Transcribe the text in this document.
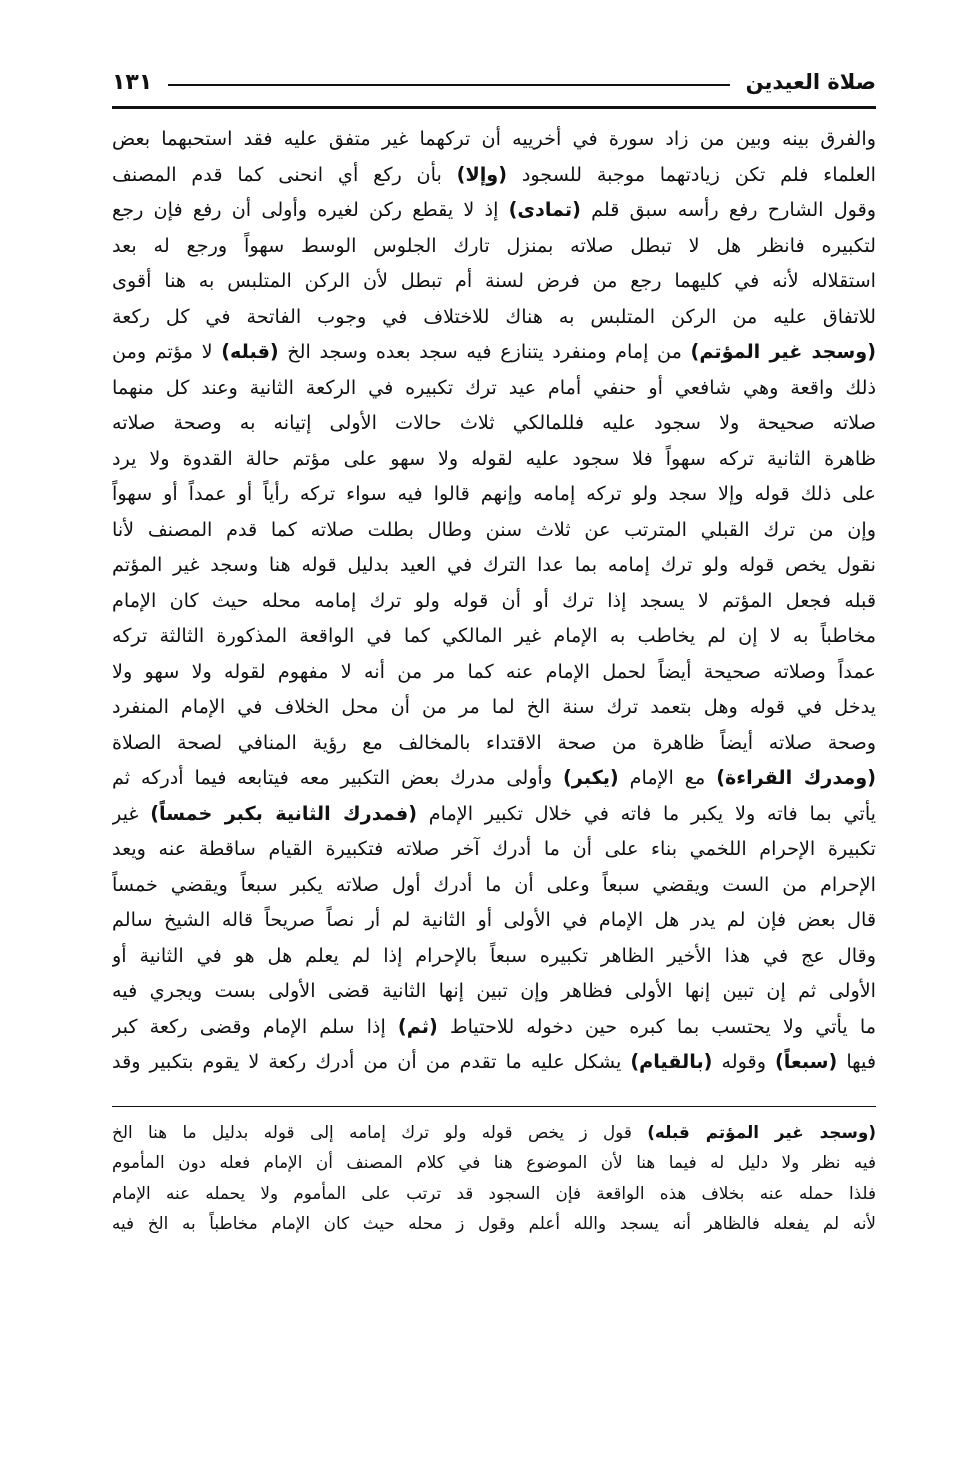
صلاة العيدين
١٣١
والفرق بينه وبين من زاد سورة في أخرييه أن تركهما غير متفق عليه فقد استحبهما بعض
العلماء فلم تكن زيادتهما موجبة للسجود (وإلا) بأن ركع أي انحنى كما قدم المصنف
وقول الشارح رفع رأسه سبق قلم (تمادى) إذ لا يقطع ركن لغيره وأولى أن رفع فإن رجع
لتكبيره فانظر هل لا تبطل صلاته بمنزل تارك الجلوس الوسط سهواً ورجع له بعد
استقلاله لأنه في كليهما رجع من فرض لسنة أم تبطل لأن الركن المتلبس به هنا أقوى
للاتفاق عليه من الركن المتلبس به هناك للاختلاف في وجوب الفاتحة في كل ركعة
(وسجد غير المؤتم) من إمام ومنفرد يتنازع فيه سجد بعده وسجد الخ (قبله) لا مؤتم ومن
ذلك واقعة وهي شافعي أو حنفي أمام عيد ترك تكبيره في الركعة الثانية وعند كل منهما
صلاته صحيحة ولا سجود عليه فللمالكي ثلاث حالات الأولى إتيانه به وصحة صلاته
ظاهرة الثانية تركه سهواً فلا سجود عليه لقوله ولا سهو على مؤتم حالة القدوة ولا يرد
على ذلك قوله وإلا سجد ولو تركه إمامه وإنهم قالوا فيه سواء تركه رأياً أو عمداً أو سهواً
وإن من ترك القبلي المترتب عن ثلاث سنن وطال بطلت صلاته كما قدم المصنف لأنا
نقول يخص قوله ولو ترك إمامه بما عدا الترك في العيد بدليل قوله هنا وسجد غير المؤتم
قبله فجعل المؤتم لا يسجد إذا ترك أو أن قوله ولو ترك إمامه محله حيث كان الإمام
مخاطباً به لا إن لم يخاطب به الإمام غير المالكي كما في الواقعة المذكورة الثالثة تركه
عمداً وصلاته صحيحة أيضاً لحمل الإمام عنه كما مر من أنه لا مفهوم لقوله ولا سهو ولا
يدخل في قوله وهل بتعمد ترك سنة الخ لما مر من أن محل الخلاف في الإمام المنفرد
وصحة صلاته أيضاً ظاهرة من صحة الاقتداء بالمخالف مع رؤية المنافي لصحة الصلاة
(ومدرك القراءة) مع الإمام (يكبر) وأولى مدرك بعض التكبير معه فيتابعه فيما أدركه ثم
يأتي بما فاته ولا يكبر ما فاته في خلال تكبير الإمام (فمدرك الثانية بكبر خمساً) غير
تكبيرة الإحرام اللخمي بناء على أن ما أدرك آخر صلاته فتكبيرة القيام ساقطة عنه ويعد
الإحرام من الست ويقضي سبعاً وعلى أن ما أدرك أول صلاته يكبر سبعاً ويقضي خمساً
قال بعض فإن لم يدر هل الإمام في الأولى أو الثانية لم أر نصاً صريحاً قاله الشيخ سالم
وقال عج في هذا الأخير الظاهر تكبيره سبعاً بالإحرام إذا لم يعلم هل هو في الثانية أو
الأولى ثم إن تبين إنها الأولى فظاهر وإن تبين إنها الثانية قضى الأولى بست ويجري فيه
ما يأتي ولا يحتسب بما كبره حين دخوله للاحتياط (ثم) إذا سلم الإمام وقضى ركعة كبر
فيها (سبعاً) وقوله (بالقيام) يشكل عليه ما تقدم من أن من أدرك ركعة لا يقوم بتكبير وقد
(وسجد غير المؤتم قبله) قول ز يخص قوله ولو ترك إمامه إلى قوله بدليل ما هنا الخ
فيه نظر ولا دليل له فيما هنا لأن الموضوع هنا في كلام المصنف أن الإمام فعله دون المأموم
فلذا حمله عنه بخلاف هذه الواقعة فإن السجود قد ترتب على المأموم ولا يحمله عنه الإمام
لأنه لم يفعله فالظاهر أنه يسجد والله أعلم وقول ز محله حيث كان الإمام مخاطباً به الخ فيه
